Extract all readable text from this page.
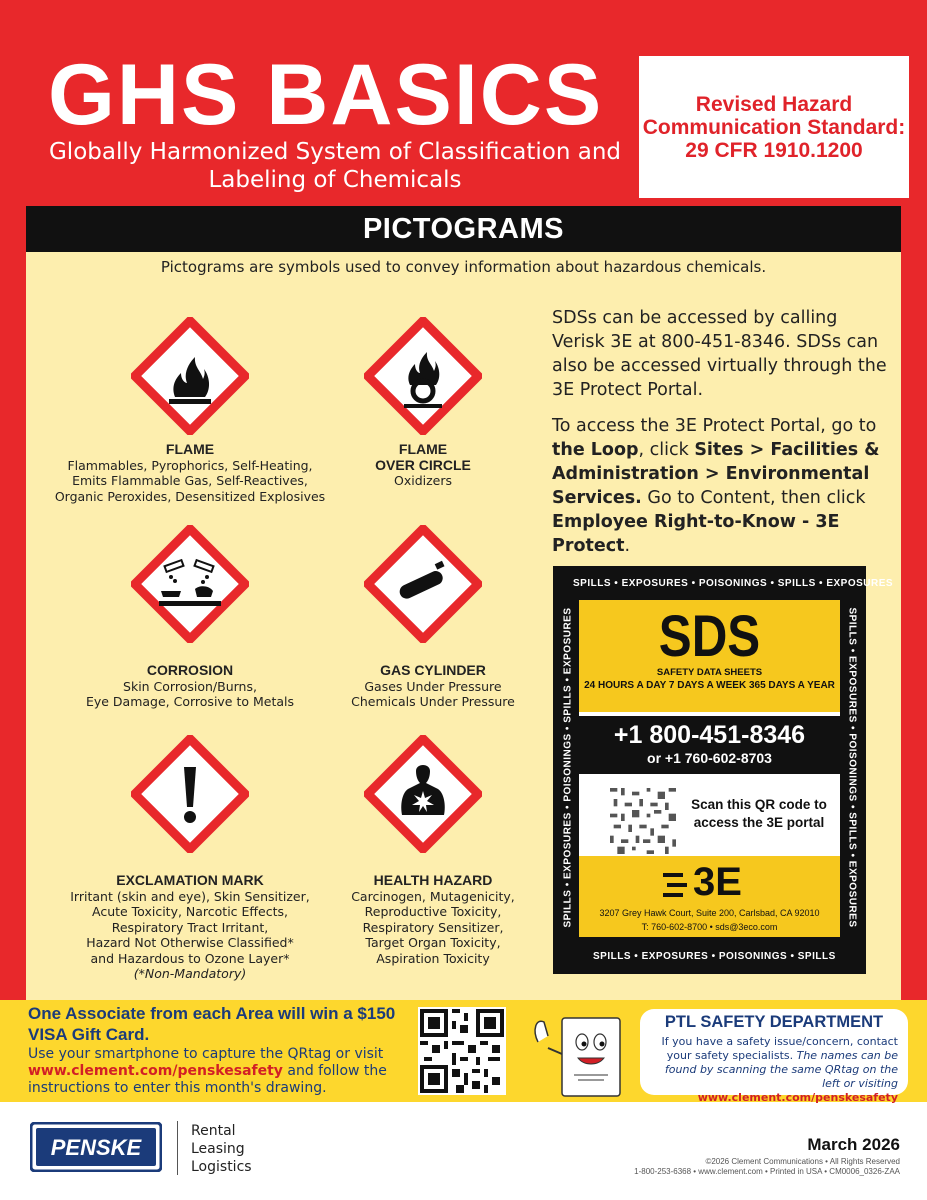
GHS BASICS
Globally Harmonized System of Classification and Labeling of Chemicals
Revised Hazard Communication Standard: 29 CFR 1910.1200
PICTOGRAMS
Pictograms are symbols used to convey information about hazardous chemicals.
FLAME
Flammables, Pyrophorics, Self-Heating,
Emits Flammable Gas, Self-Reactives,
Organic Peroxides, Desensitized Explosives
FLAME
OVER CIRCLE
Oxidizers
CORROSION
Skin Corrosion/Burns,
Eye Damage, Corrosive to Metals
GAS CYLINDER
Gases Under Pressure
Chemicals Under Pressure
EXCLAMATION MARK
Irritant (skin and eye), Skin Sensitizer,
Acute Toxicity, Narcotic Effects,
Respiratory Tract Irritant,
Hazard Not Otherwise Classified*
and Hazardous to Ozone Layer*
(*Non-Mandatory)
HEALTH HAZARD
Carcinogen, Mutagenicity,
Reproductive Toxicity,
Respiratory Sensitizer,
Target Organ Toxicity,
Aspiration Toxicity

SDSs can be accessed by calling Verisk 3E at 800-451-8346. SDSs can also be accessed virtually through the 3E Protect Portal.

To access the 3E Protect Portal, go to the Loop, click Sites > Facilities & Administration > Environmental Services. Go to Content, then click Employee Right-to-Know - 3E Protect.

SPILLS • EXPOSURES • POISONINGS • SPILLS • EXPOSURES
SPILLS • EXPOSURES • POISONINGS • SPILLS
SPILLS • EXPOSURES • POISONINGS • SPILLS • EXPOSURES	SPILLS • EXPOSURES • POISONINGS • SPILLS • EXPOSURES
SDS
SAFETY DATA SHEETS
24 HOURS A DAY 7 DAYS A WEEK 365 DAYS A YEAR
+1 800-451-8346
or +1 760-602-8703
Scan this QR code to access the 3E portal
3E
3207 Grey Hawk Court, Suite 200, Carlsbad, CA 92010
T: 760-602-8700 • sds@3eco.com
One Associate from each Area will win a $150 VISA Gift Card.
Use your smartphone to capture the QRtag or visit www.clement.com/penskesafety and follow the instructions to enter this month's drawing.
PTL SAFETY DEPARTMENT
If you have a safety issue/concern, contact your safety specialists. The names can be found by scanning the same QRtag on the left or visiting
www.clement.com/penskesafety
PENSKE
Rental
Leasing
Logistics
March 2026
©2026 Clement Communications • All Rights Reserved
1-800-253-6368 • www.clement.com • Printed in USA • CM0006_0326-ZAA
